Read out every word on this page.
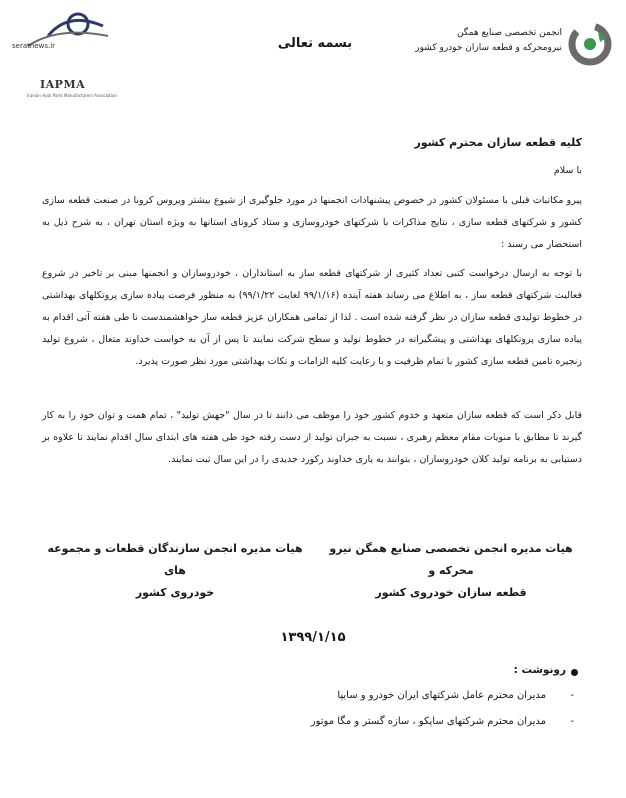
انجمن تخصصی صنایع همگن
نیرومحرکه و قطعه سازان خودرو کشور
بسمه تعالی
seratnews.ir
IAPMA
Iranian Auto Parts Manufacturers Association
کلیه قطعه سازان محترم کشور
با سلام
پیرو مکاتبات قبلی با مسئولان کشور در خصوص پیشنهادات انجمنها در مورد جلوگیری از شیوع بیشتر ویروس کرونا در صنعت قطعه سازی کشور و شرکتهای قطعه سازی ، نتایج مذاکرات با شرکتهای خودروسازی و ستاد کرونای استانها به ویژه استان تهران ، به شرح ذیل به استحضار می رسند :
با توجه به ارسال درخواست کتبی تعداد کثیری از شرکتهای قطعه ساز به استانداران ، خودروسازان و انجمنها مبنی بر تاخیر در شروع فعالیت شرکتهای قطعه ساز ، به اطلاع می رساند هفته آینده (۹۹/۱/۱۶ لغایت ۹۹/۱/۲۲) به منظور فرصت پیاده سازی پروتکلهای بهداشتی در خطوط تولیدی قطعه سازان در نظر گرفته شده است . لذا از تمامی همکاران عزیز قطعه ساز خواهشمندست تا طی هفته آتی اقدام به پیاده سازی پروتکلهای بهداشتی و پیشگیرانه در خطوط تولید و سطح شرکت نمایند تا پس از آن به خواست خداوند متعال ، شروع تولید زنجیره تامین قطعه سازی کشور با تمام ظرفیت و با رعایت کلیه الزامات و نکات بهداشتی مورد نظر صورت پذیرد.
قابل ذکر است که قطعه سازان متعهد و خدوم کشور خود را موظف می دانند تا در سال "جهش تولید" ، تمام همت و توان خود را به کار گیرند تا مطابق با منویات مقام معظم رهبری ، نسبت به جبران تولید از دست رفته خود طی هفته های ابتدای سال اقدام نمایند تا علاوه بر دستیابی به برنامه تولید کلان خودروسازان ، بتوانند به یاری خداوند رکورد جدیدی را در این سال ثبت نمایند.
هیات مدیره انجمن تخصصی صنایع همگن نیرو محرکه و
قطعه سازان خودروی کشور
هیات مدیره انجمن سازندگان قطعات و مجموعه های
خودروی کشور
۱۳۹۹/۱/۱۵
رونوشت :
-
مدیران محترم عامل شرکتهای ایران خودرو و سایپا
-
مدیران محترم شرکتهای ساپکو ، سازه گستر و مگا موتور
